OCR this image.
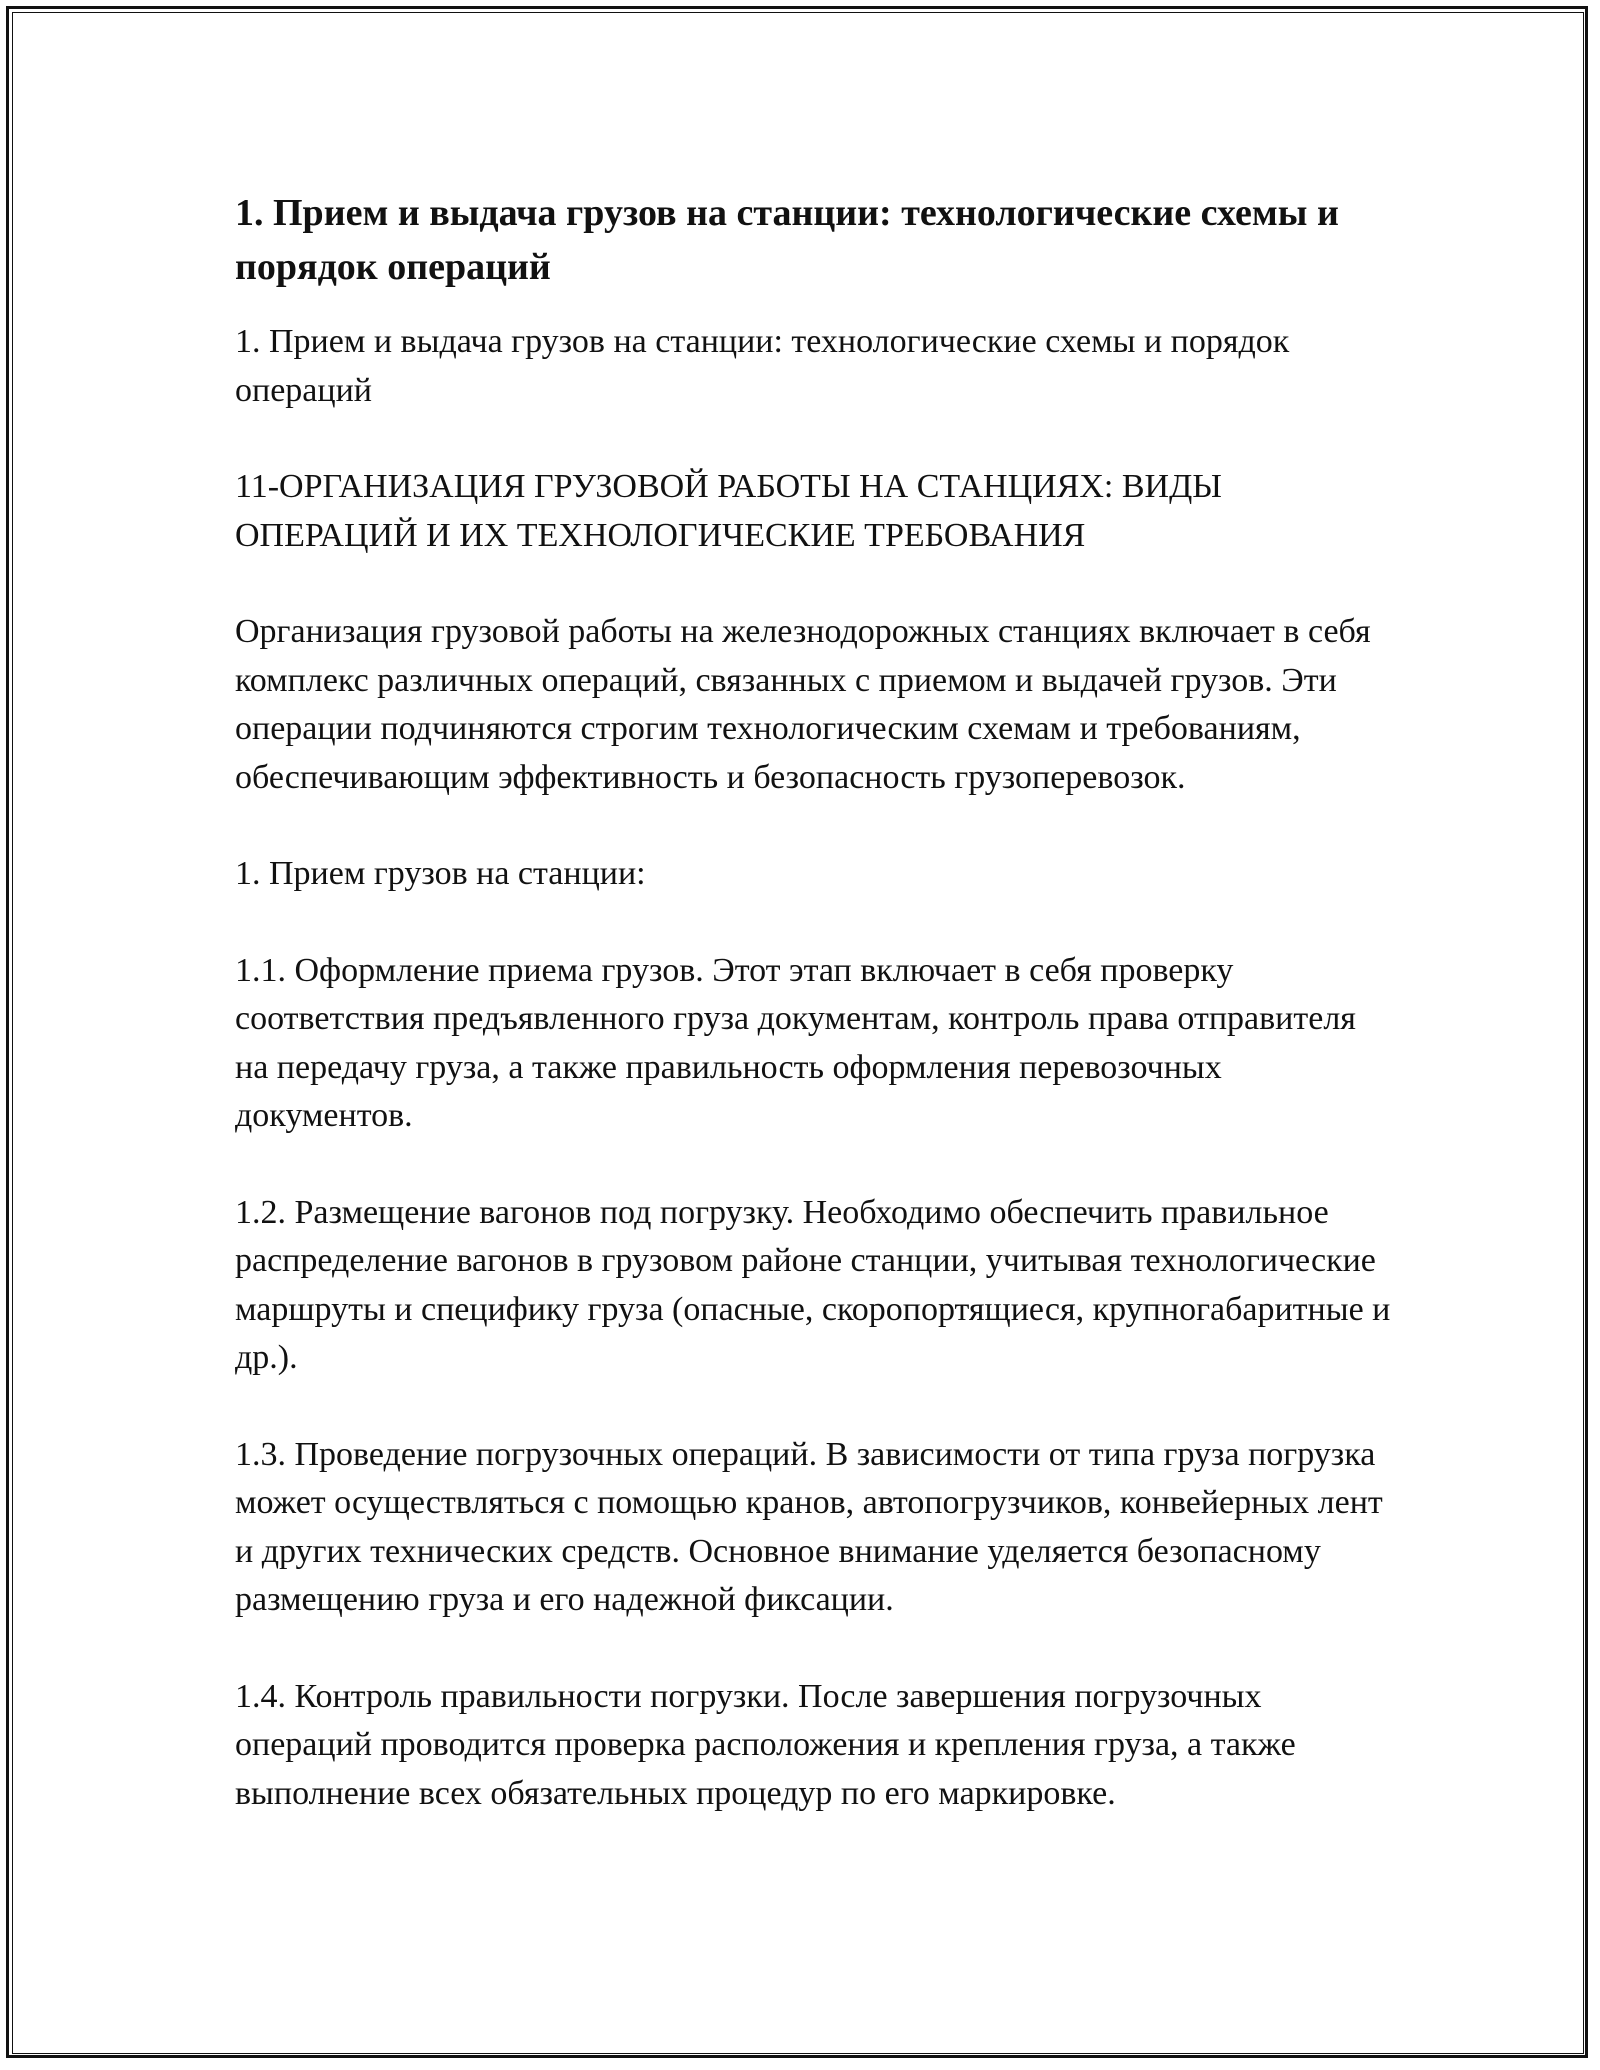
1. Прием и выдача грузов на станции: технологические схемы и порядок операций

1. Прием и выдача грузов на станции: технологические схемы и порядок операций

11-ОРГАНИЗАЦИЯ ГРУЗОВОЙ РАБОТЫ НА СТАНЦИЯХ: ВИДЫ ОПЕРАЦИЙ И ИХ ТЕХНОЛОГИЧЕСКИЕ ТРЕБОВАНИЯ

Организация грузовой работы на железнодорожных станциях включает в себя комплекс различных операций, связанных с приемом и выдачей грузов. Эти операции подчиняются строгим технологическим схемам и требованиям, обеспечивающим эффективность и безопасность грузоперевозок.

1. Прием грузов на станции:

1.1. Оформление приема грузов. Этот этап включает в себя проверку соответствия предъявленного груза документам, контроль права отправителя на передачу груза, а также правильность оформления перевозочных документов.

1.2. Размещение вагонов под погрузку. Необходимо обеспечить правильное распределение вагонов в грузовом районе станции, учитывая технологические маршруты и специфику груза (опасные, скоропортящиеся, крупногабаритные и др.).

1.3. Проведение погрузочных операций. В зависимости от типа груза погрузка может осуществляться с помощью кранов, автопогрузчиков, конвейерных лент и других технических средств. Основное внимание уделяется безопасному размещению груза и его надежной фиксации.

1.4. Контроль правильности погрузки. После завершения погрузочных операций проводится проверка расположения и крепления груза, а также выполнение всех обязательных процедур по его маркировке.
